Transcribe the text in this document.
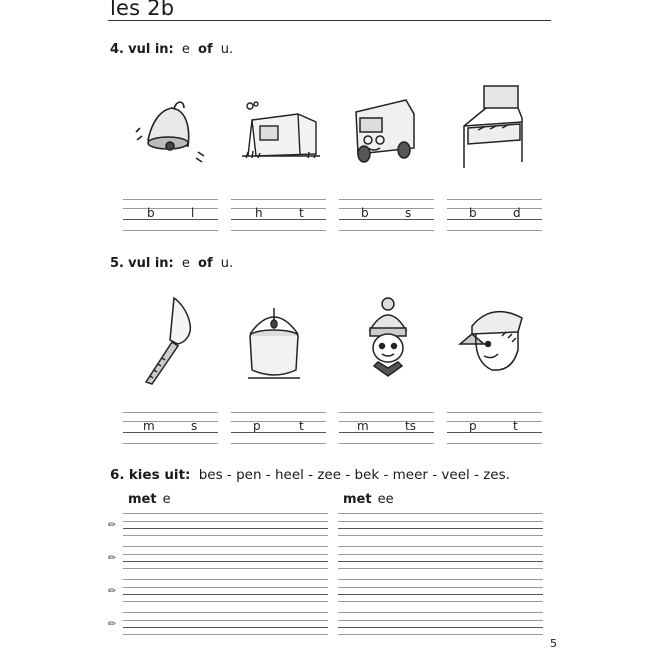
les 2b
4. vul in: e of u.
b	l	h	t	b	s	b	d
5. vul in: e of u.
m	s	p	t	m	ts	p	t
6. kies uit: bes - pen - heel - zee - bek - meer - veel - zes.
met e	met ee
✏
✏
✏
✏
5
